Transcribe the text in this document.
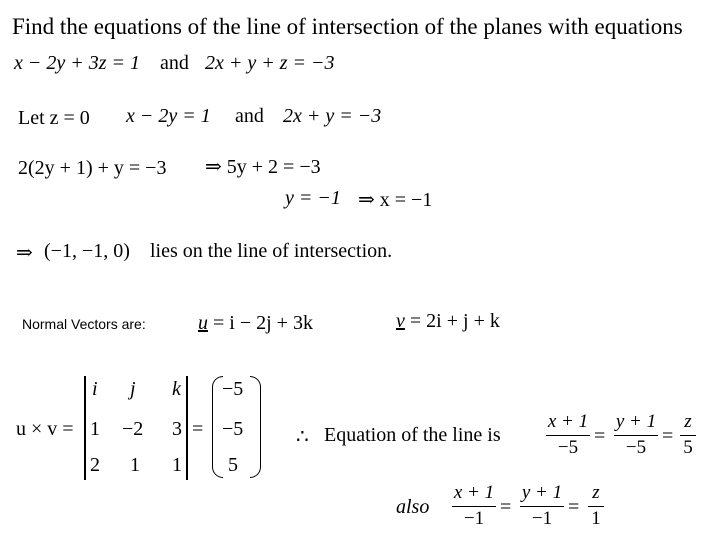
Find the equations of the line of intersection of the planes with equations
x − 2y + 3z = 1 and 2x + y + z = −3
Let z = 0 x − 2y = 1 and 2x + y = −3
2(2y + 1) + y = −3 ⇒ 5y + 2 = −3
y = −1 ⇒ x = −1
⇒ (−1, −1, 0) lies on the line of intersection.
Normal Vectors are:	u = i − 2j + 3k	v = 2i + j + k
u × v =
i j k
1 −2 3
2 1 1
=
−5
−5
5
∴ Equation of the line is
x + 1
−5
=
y + 1
−5
=
z
5
also
x + 1
−1
=
y + 1
−1
=
z
1
